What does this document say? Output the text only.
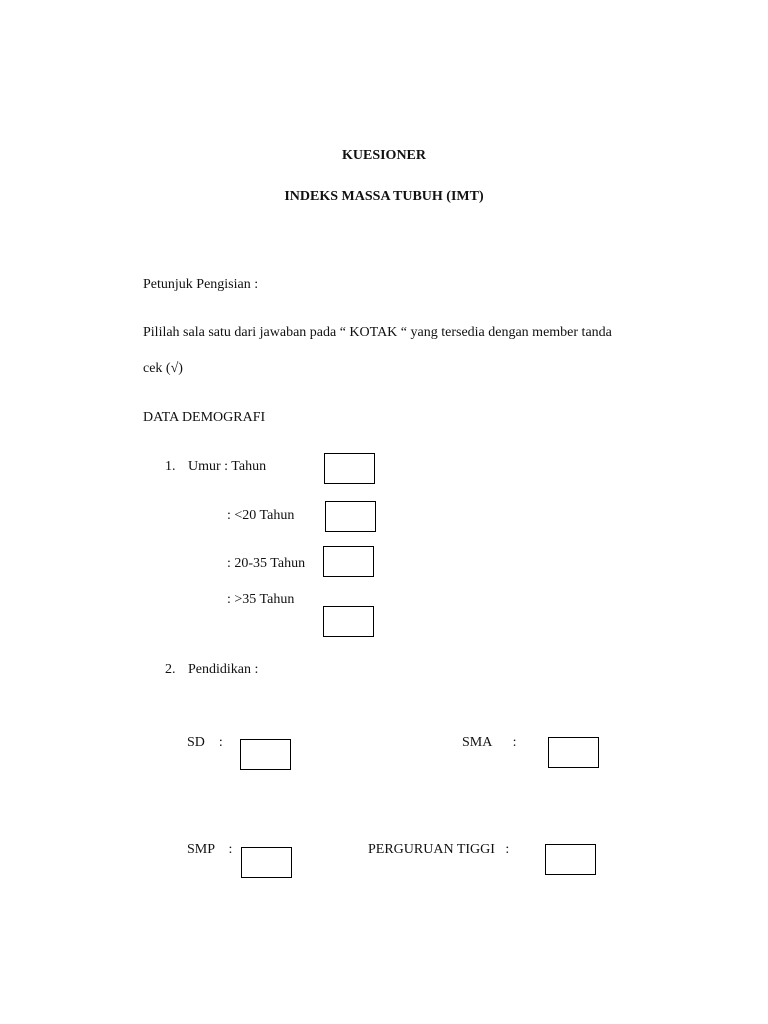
KUESIONER
INDEKS MASSA TUBUH (IMT)
Petunjuk Pengisian :
Pililah sala satu dari jawaban pada “ KOTAK “ yang tersedia dengan member tanda
cek (√)
DATA DEMOGRAFI
1. Umur : Tahun
: <20 Tahun
: 20-35 Tahun
: >35 Tahun
2. Pendidikan :
SD    :	SMA      :
SMP    :	PERGURUAN TIGGI   :
